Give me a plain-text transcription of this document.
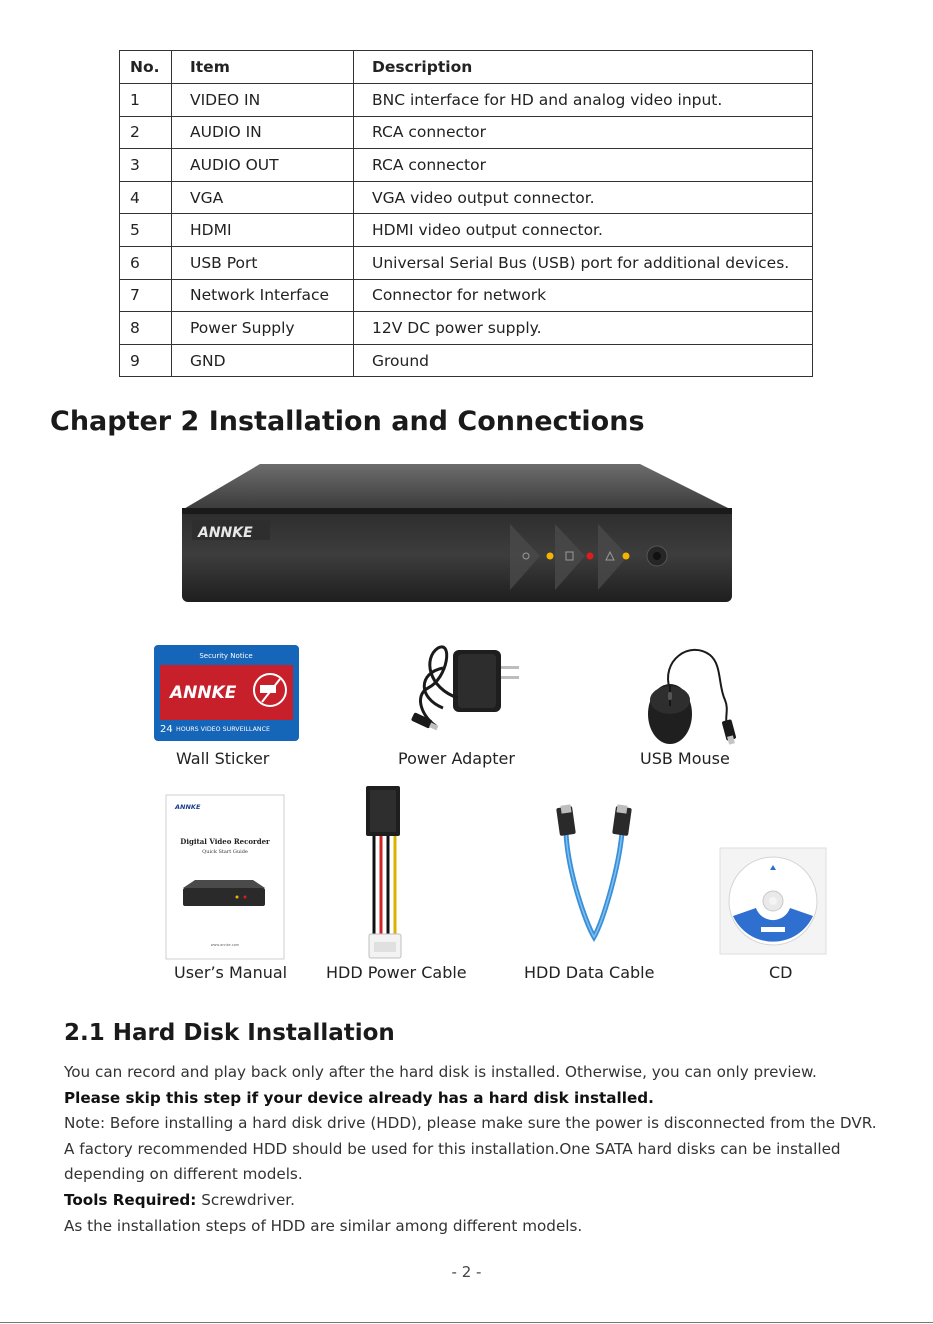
No.	Item	Description
1	VIDEO IN	BNC interface for HD and analog video input.
2	AUDIO IN	RCA connector
3	AUDIO OUT	RCA connector
4	VGA	VGA video output connector.
5	HDMI	HDMI video output connector.
6	USB Port	Universal Serial Bus (USB) port for additional devices.
7	Network Interface	Connector for network
8	Power Supply	12V DC power supply.
9	GND	Ground
Chapter 2 Installation and Connections
ANNKE
Security Notice
ANNKE
24 HOURS VIDEO SURVEILLANCE
Wall Sticker	Power Adapter	USB Mouse
ANNKE
Digital Video Recorder
Quick Start Guide
www.annke.com
User’s Manual HDD Power Cable	HDD Data Cable	CD
2.1 Hard Disk Installation

You can record and play back only after the hard disk is installed. Otherwise, you can only preview.

Please skip this step if your device already has a hard disk installed.

Note: Before installing a hard disk drive (HDD), please make sure the power is disconnected from the DVR.

A factory recommended HDD should be used for this installation.One SATA hard disks can be installed

depending on different models.

Tools Required: Screwdriver.

As the installation steps of HDD are similar among different models.

- 2 -
